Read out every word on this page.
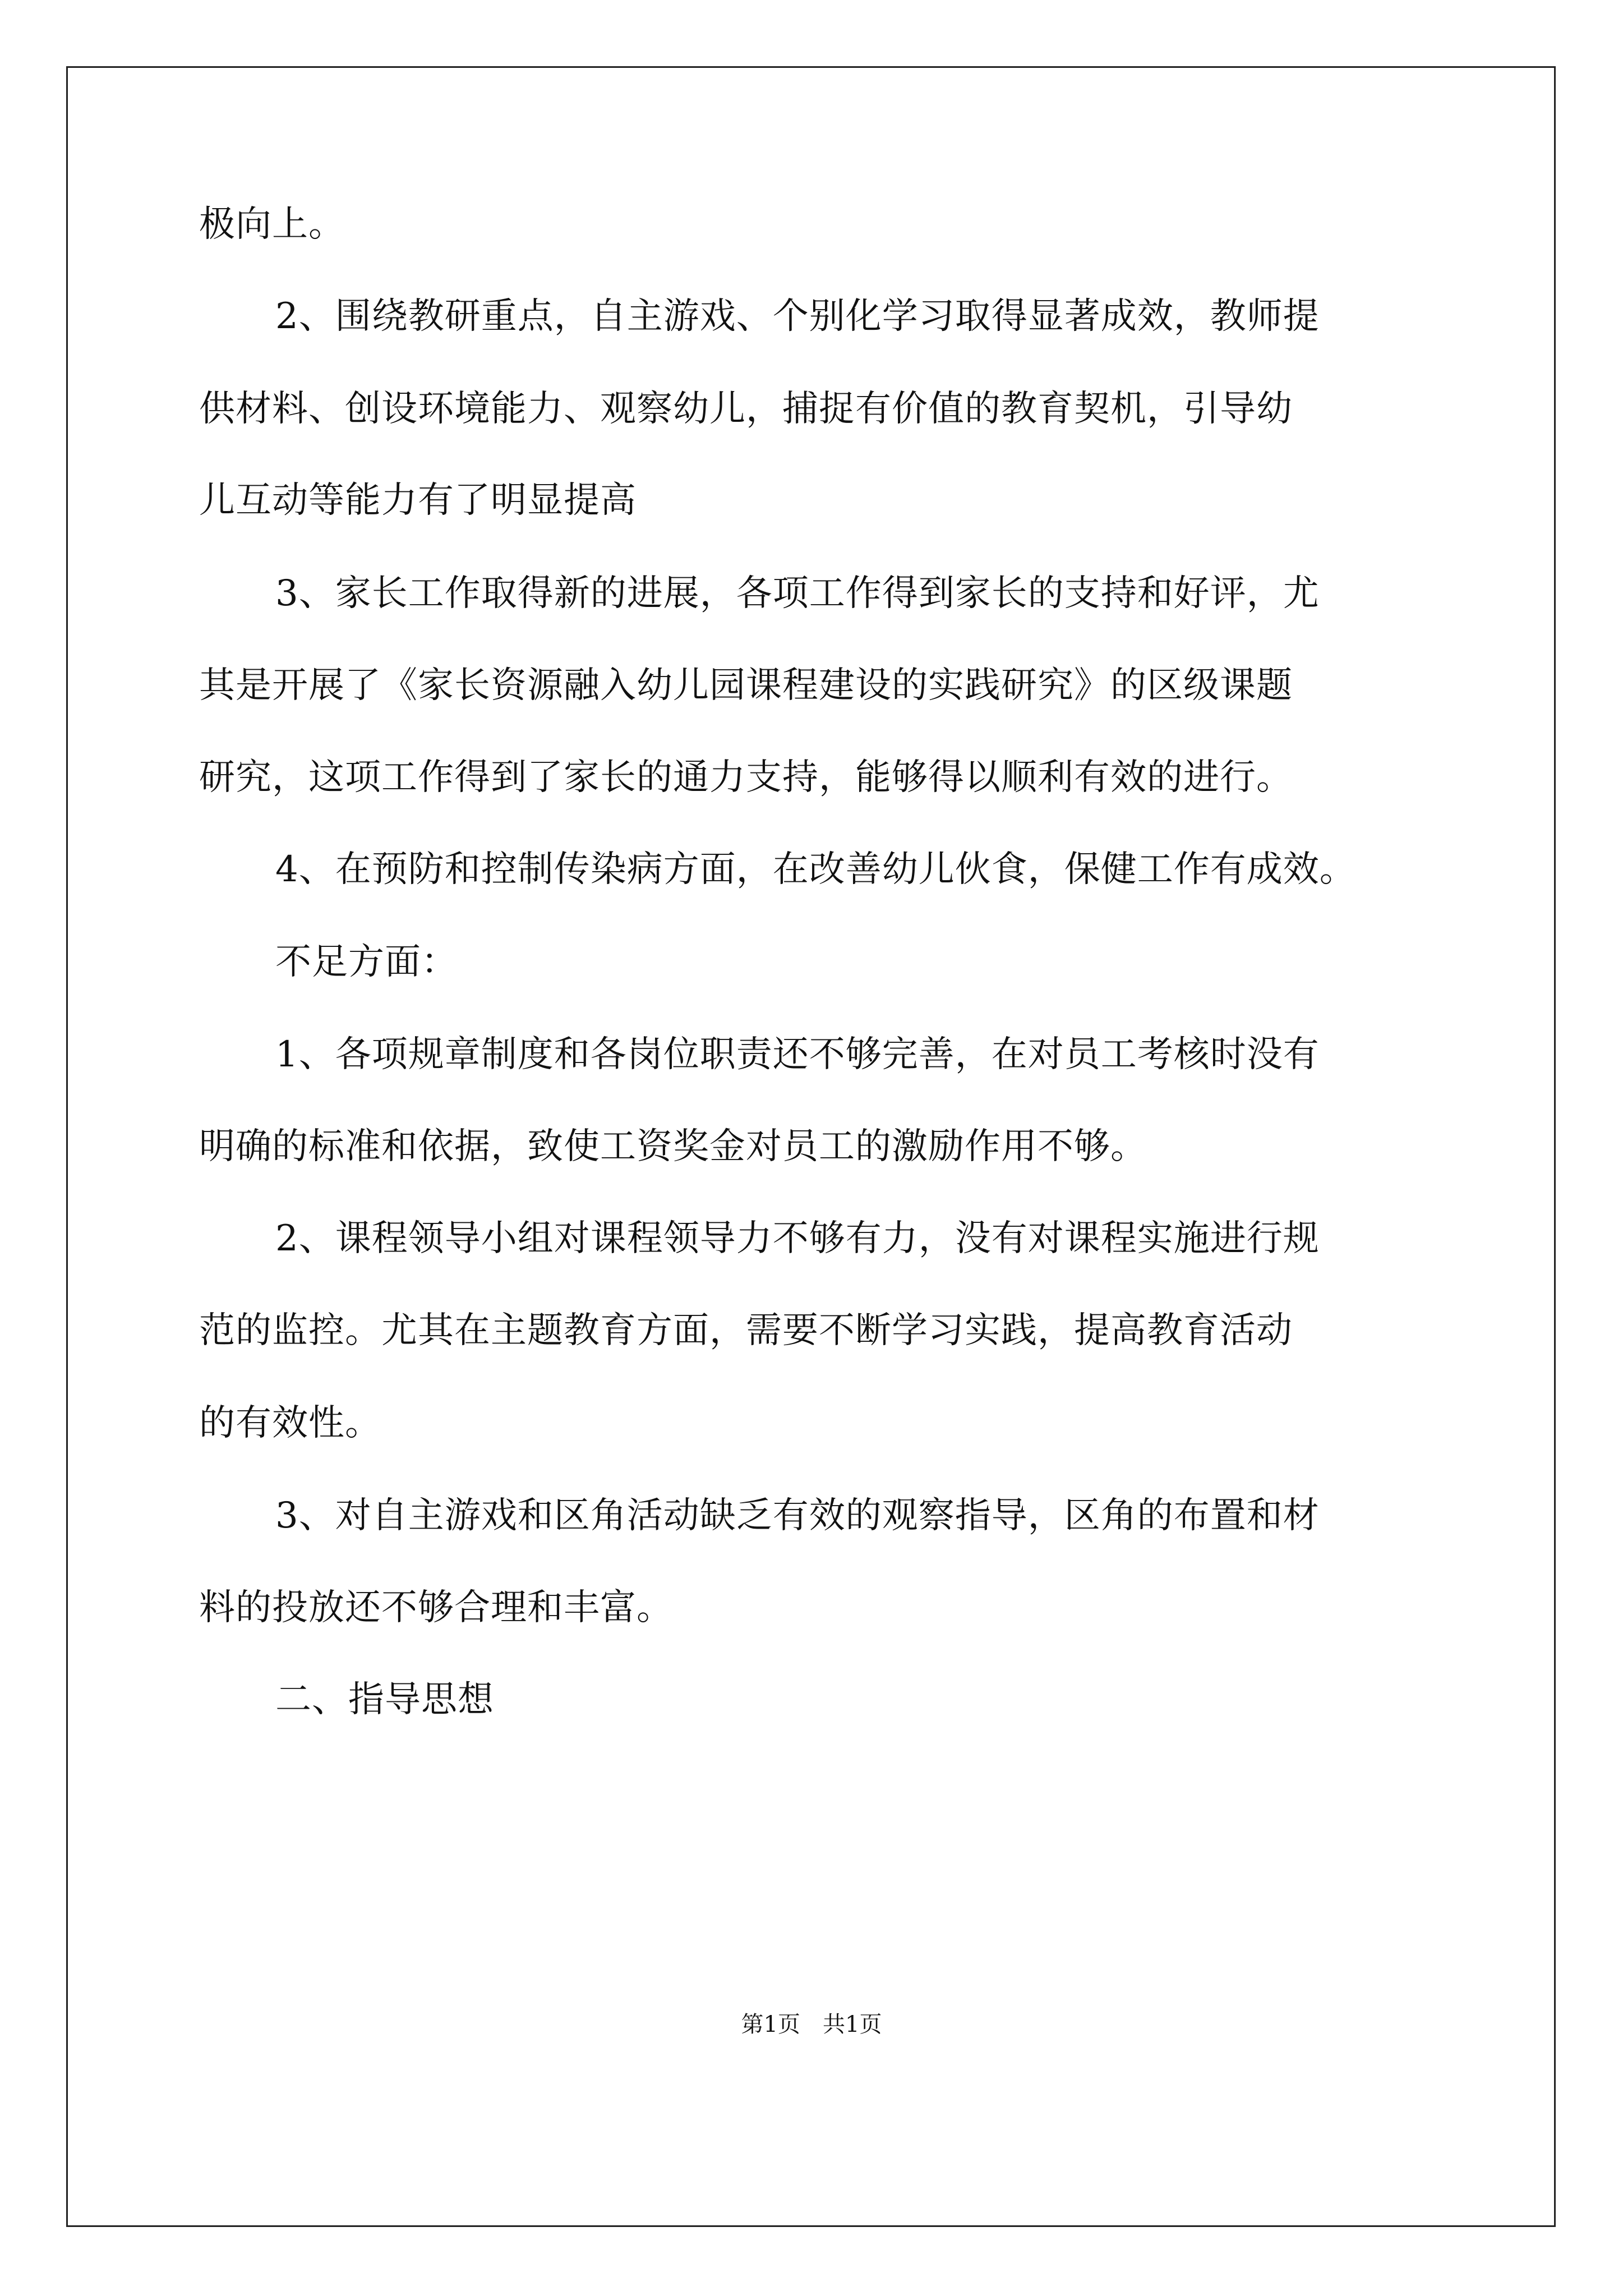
极向上。
2、围绕教研重点，自主游戏、个别化学习取得显著成效，教师提
供材料、创设环境能力、观察幼儿，捕捉有价值的教育契机，引导幼
儿互动等能力有了明显提高
3、家长工作取得新的进展，各项工作得到家长的支持和好评，尤
其是开展了《家长资源融入幼儿园课程建设的实践研究》的区级课题
研究，这项工作得到了家长的通力支持，能够得以顺利有效的进行。
4、在预防和控制传染病方面，在改善幼儿伙食，保健工作有成效。
不足方面：
1、各项规章制度和各岗位职责还不够完善，在对员工考核时没有
明确的标准和依据，致使工资奖金对员工的激励作用不够。
2、课程领导小组对课程领导力不够有力，没有对课程实施进行规
范的监控。尤其在主题教育方面，需要不断学习实践，提高教育活动
的有效性。
3、对自主游戏和区角活动缺乏有效的观察指导，区角的布置和材
料的投放还不够合理和丰富。
二、指导思想
第1页　共1页
